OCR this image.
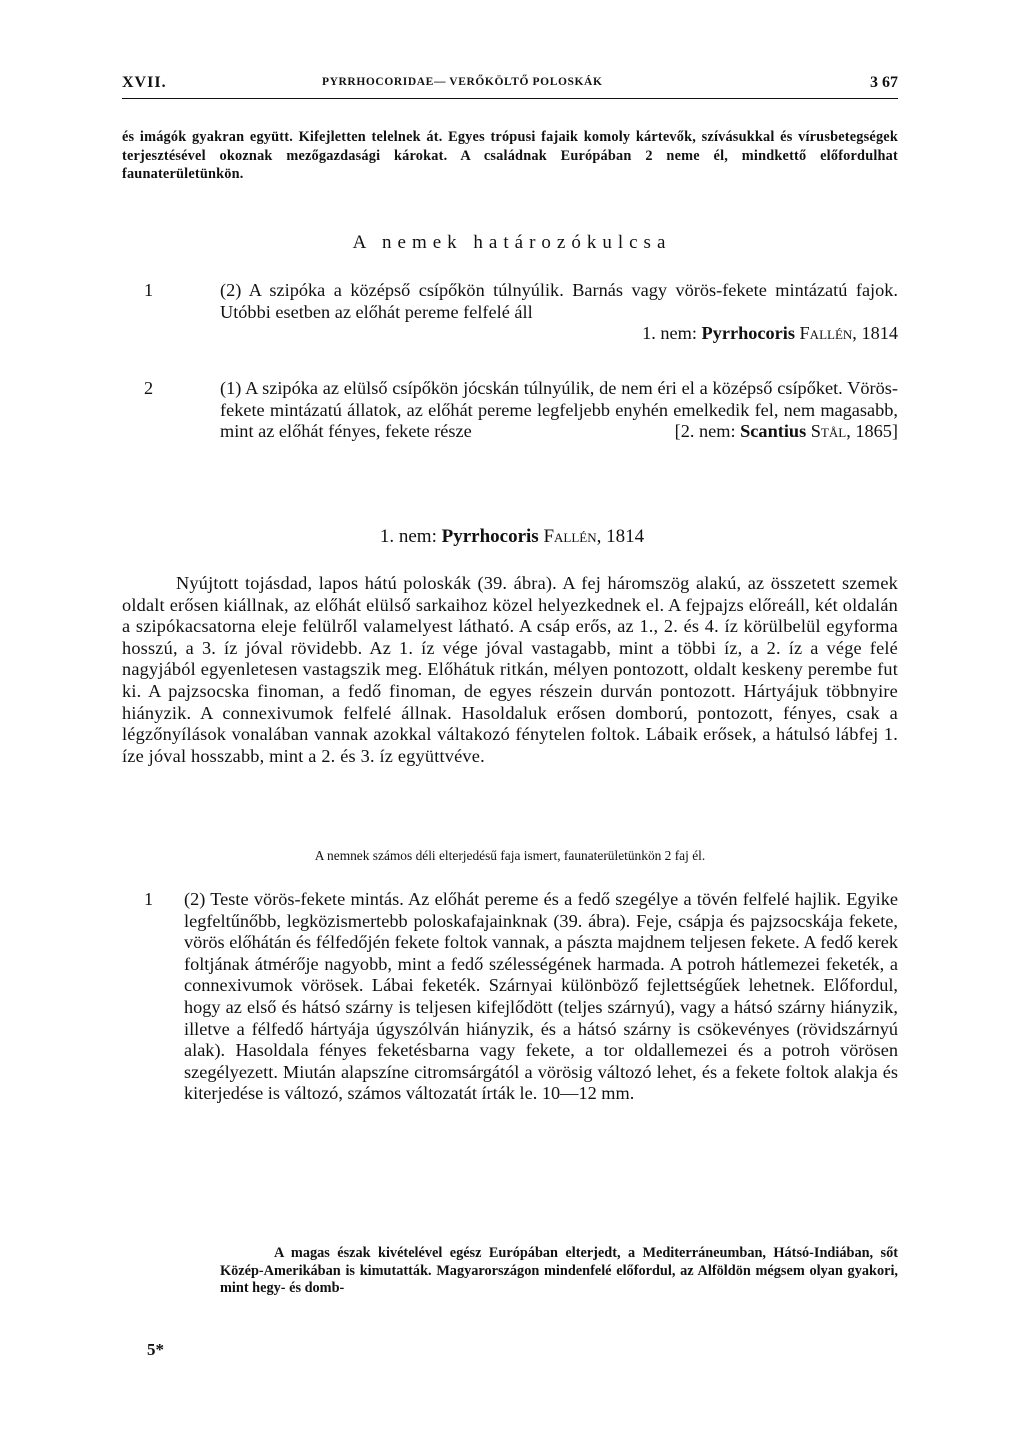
XVII.	PYRRHOCORIDAE— VERŐKÖLTŐ POLOSKÁK	3 67
és imágók gyakran együtt. Kifejletten telelnek át. Egyes trópusi fajaik komoly kártevők, szívásukkal és vírusbetegségek terjesztésével okoznak mezőgazdasági károkat. A családnak Európában 2 neme él, mindkettő előfordulhat faunaterületünkön.
A nemek határozókulcsa
1	(2) A szipóka a középső csípőkön túlnyúlik. Barnás vagy vörös-fekete mintázatú fajok. Utóbbi esetben az előhát pereme felfelé áll
1. nem: Pyrrhocoris Fallén, 1814
2	(1) A szipóka az elülső csípőkön jócskán túlnyúlik, de nem éri el a középső csípőket. Vörös-fekete mintázatú állatok, az előhát pereme legfeljebb enyhén emelkedik fel, nem magasabb, mint az előhát fényes, fekete része	[2. nem: Scantius Stål, 1865]
1. nem: Pyrrhocoris Fallén, 1814
Nyújtott tojásdad, lapos hátú poloskák (39. ábra). A fej háromszög alakú, az összetett szemek oldalt erősen kiállnak, az előhát elülső sarkaihoz közel helyezkednek el. A fejpajzs előreáll, két oldalán a szipókacsatorna eleje felülről valamelyest látható. A csáp erős, az 1., 2. és 4. íz körülbelül egyforma hosszú, a 3. íz jóval rövidebb. Az 1. íz vége jóval vastagabb, mint a többi íz, a 2. íz a vége felé nagyjából egyenletesen vastagszik meg. Előhátuk ritkán, mélyen pontozott, oldalt keskeny perembe fut ki. A pajzsocska finoman, a fedő finoman, de egyes részein durván pontozott. Hártyájuk többnyire hiányzik. A connexivumok felfelé állnak. Hasoldaluk erősen domború, pontozott, fényes, csak a légzőnyílások vonalában vannak azokkal váltakozó fénytelen foltok. Lábaik erősek, a hátulsó lábfej 1. íze jóval hosszabb, mint a 2. és 3. íz együttvéve.
A nemnek számos déli elterjedésű faja ismert, faunaterületünkön 2 faj él.
1 (2) Teste vörös-fekete mintás. Az előhát pereme és a fedő szegélye a tövén felfelé hajlik. Egyike legfeltűnőbb, legközismertebb poloskafajainknak (39. ábra). Feje, csápja és pajzsocskája fekete, vörös előhátán és félfedőjén fekete foltok vannak, a pászta majdnem teljesen fekete. A fedő kerek foltjának átmérője nagyobb, mint a fedő szélességének harmada. A potroh hátlemezei feketék, a connexivumok vörösek. Lábai feketék. Szárnyai különböző fejlettségűek lehetnek. Előfordul, hogy az első és hátsó szárny is teljesen kifejlődött (teljes szárnyú), vagy a hátsó szárny hiányzik, illetve a félfedő hártyája úgyszólván hiányzik, és a hátsó szárny is csökevényes (rövidszárnyú alak). Hasoldala fényes feketésbarna vagy fekete, a tor oldallemezei és a potroh vörösen szegélyezett. Miután alapszíne citromsárgától a vörösig változó lehet, és a fekete foltok alakja és kiterjedése is változó, számos változatát írták le. 10—12 mm.
A magas észak kivételével egész Európában elterjedt, a Mediterráneumban, Hátsó-Indiában, sőt Közép-Amerikában is kimutatták. Magyarországon mindenfelé előfordul, az Alföldön mégsem olyan gyakori, mint hegy- és domb-
5*
